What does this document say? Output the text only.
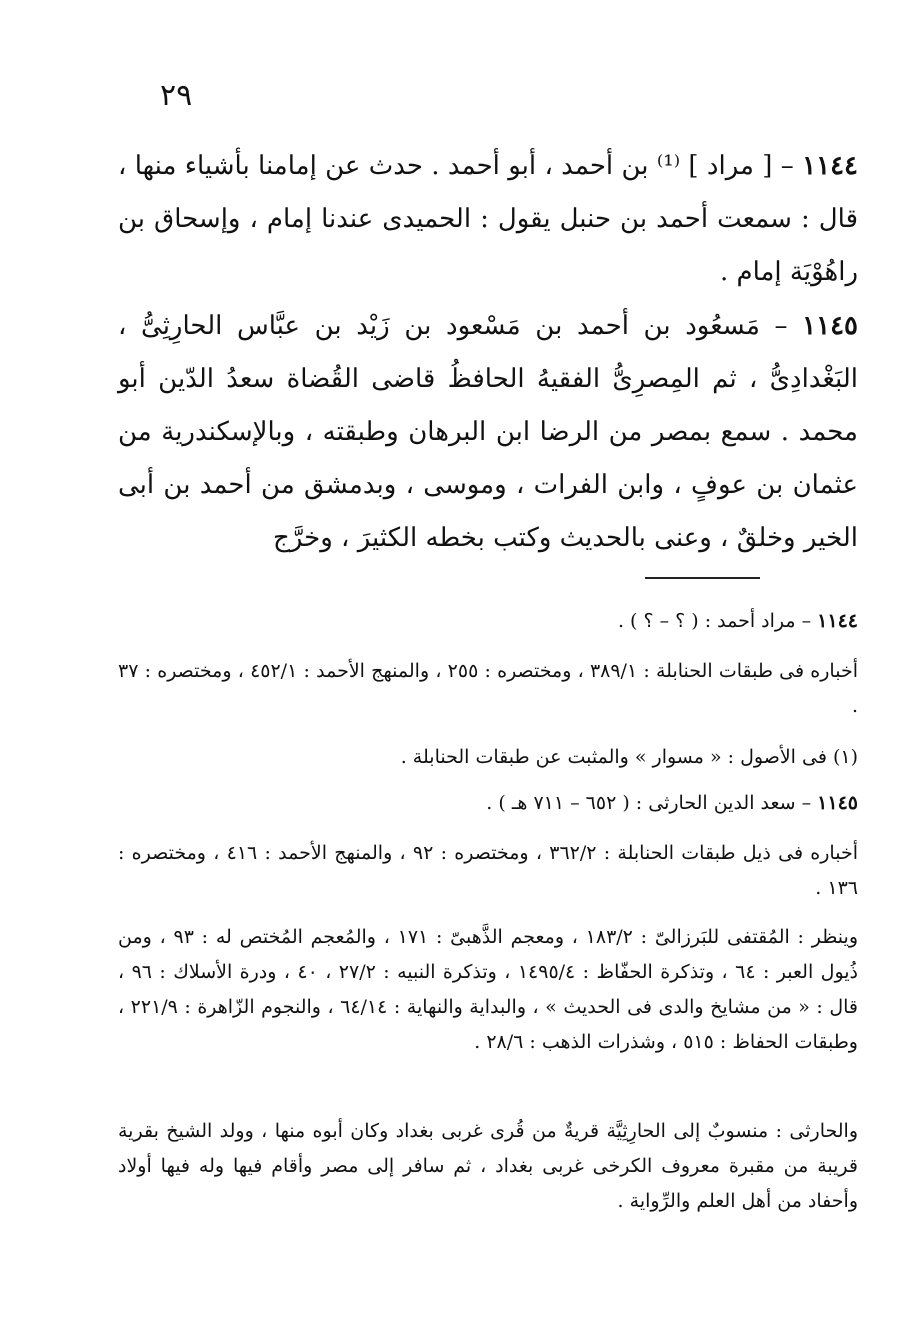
٢٩
١١٤٤ – [ مراد ] ⁽¹⁾ بن أحمد ، أبو أحمد . حدث عن إمامنا بأشياء منها ، قال : سمعت أحمد بن حنبل يقول : الحميدى عندنا إمام ، وإسحاق بن راهُوْيَة إمام .
١١٤٥ – مَسعُود بن أحمد بن مَسْعود بن زَيْد بن عبَّاس الحارِثِىُّ ، البَغْدادِىُّ ، ثم المِصرِىُّ الفقيهُ الحافظُ قاضى القُضاة سعدُ الدّين أبو محمد . سمع بمصر من الرضا ابن البرهان وطبقته ، وبالإسكندرية من عثمان بن عوفٍ ، وابن الفرات ، وموسى ، وبدمشق من أحمد بن أبى الخير وخلقٌ ، وعنى بالحديث وكتب بخطه الكثيرَ ، وخرَّج
١١٤٤ – مراد أحمد : ( ؟ – ؟ ) .
أخباره فى طبقات الحنابلة : ٣٨٩/١ ، ومختصره : ٢٥٥ ، والمنهج الأحمد : ٤٥٢/١ ، ومختصره : ٣٧ .
(١) فى الأصول : « مسوار » والمثبت عن طبقات الحنابلة .
١١٤٥ – سعد الدين الحارثى : ( ٦٥٢ – ٧١١ هـ ) .
أخباره فى ذيل طبقات الحنابلة : ٣٦٢/٢ ، ومختصره : ٩٢ ، والمنهج الأحمد : ٤١٦ ، ومختصره : ١٣٦ .
وينظر : المُقتفى للبَرزالىّ : ١٨٣/٢ ، ومعجم الذَّهبىّ : ١٧١ ، والمُعجم المُختص له : ٩٣ ، ومن ذُيول العبر : ٦٤ ، وتذكرة الحفّاظ : ١٤٩٥/٤ ، وتذكرة النبيه : ٢٧/٢ ، ٤٠ ، ودرة الأسلاك : ٩٦ ، قال : « من مشايخ والدى فى الحديث » ، والبداية والنهاية : ٦٤/١٤ ، والنجوم الزّاهرة : ٢٢١/٩ ، وطبقات الحفاظ : ٥١٥ ، وشذرات الذهب : ٢٨/٦ .
والحارثى : منسوبٌ إلى الحارِثِيَّة قريةٌ من قُرى غربى بغداد وكان أبوه منها ، وولد الشيخ بقرية قريبة من مقبرة معروف الكرخى غربى بغداد ، ثم سافر إلى مصر وأقام فيها وله فيها أولاد وأحفاد من أهل العلم والرِّواية .
